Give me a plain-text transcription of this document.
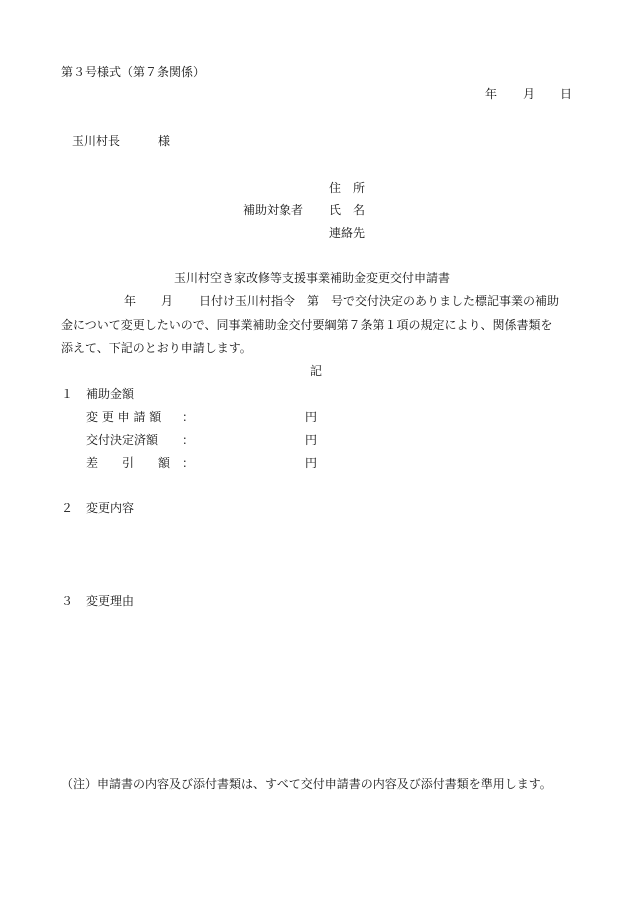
第３号様式（第７条関係）
年 月 日
玉川村長	様
住　所
補助対象者 氏　名
連絡先
玉川村空き家改修等支援事業補助金変更交付申請書
年 月 日付け玉川村指令　第　号で交付決定のありました標記事業の補助
金について変更したいので、同事業補助金交付要綱第７条第１項の規定により、関係書類を
添えて、下記のとおり申請します。
記
１ 補助金額
変 更 申 請 額 ：	円
交付決定済額 ：	円
差　　引　　額 ：	円
２ 変更内容
３ 変更理由
（注）申請書の内容及び添付書類は、すべて交付申請書の内容及び添付書類を準用します。
